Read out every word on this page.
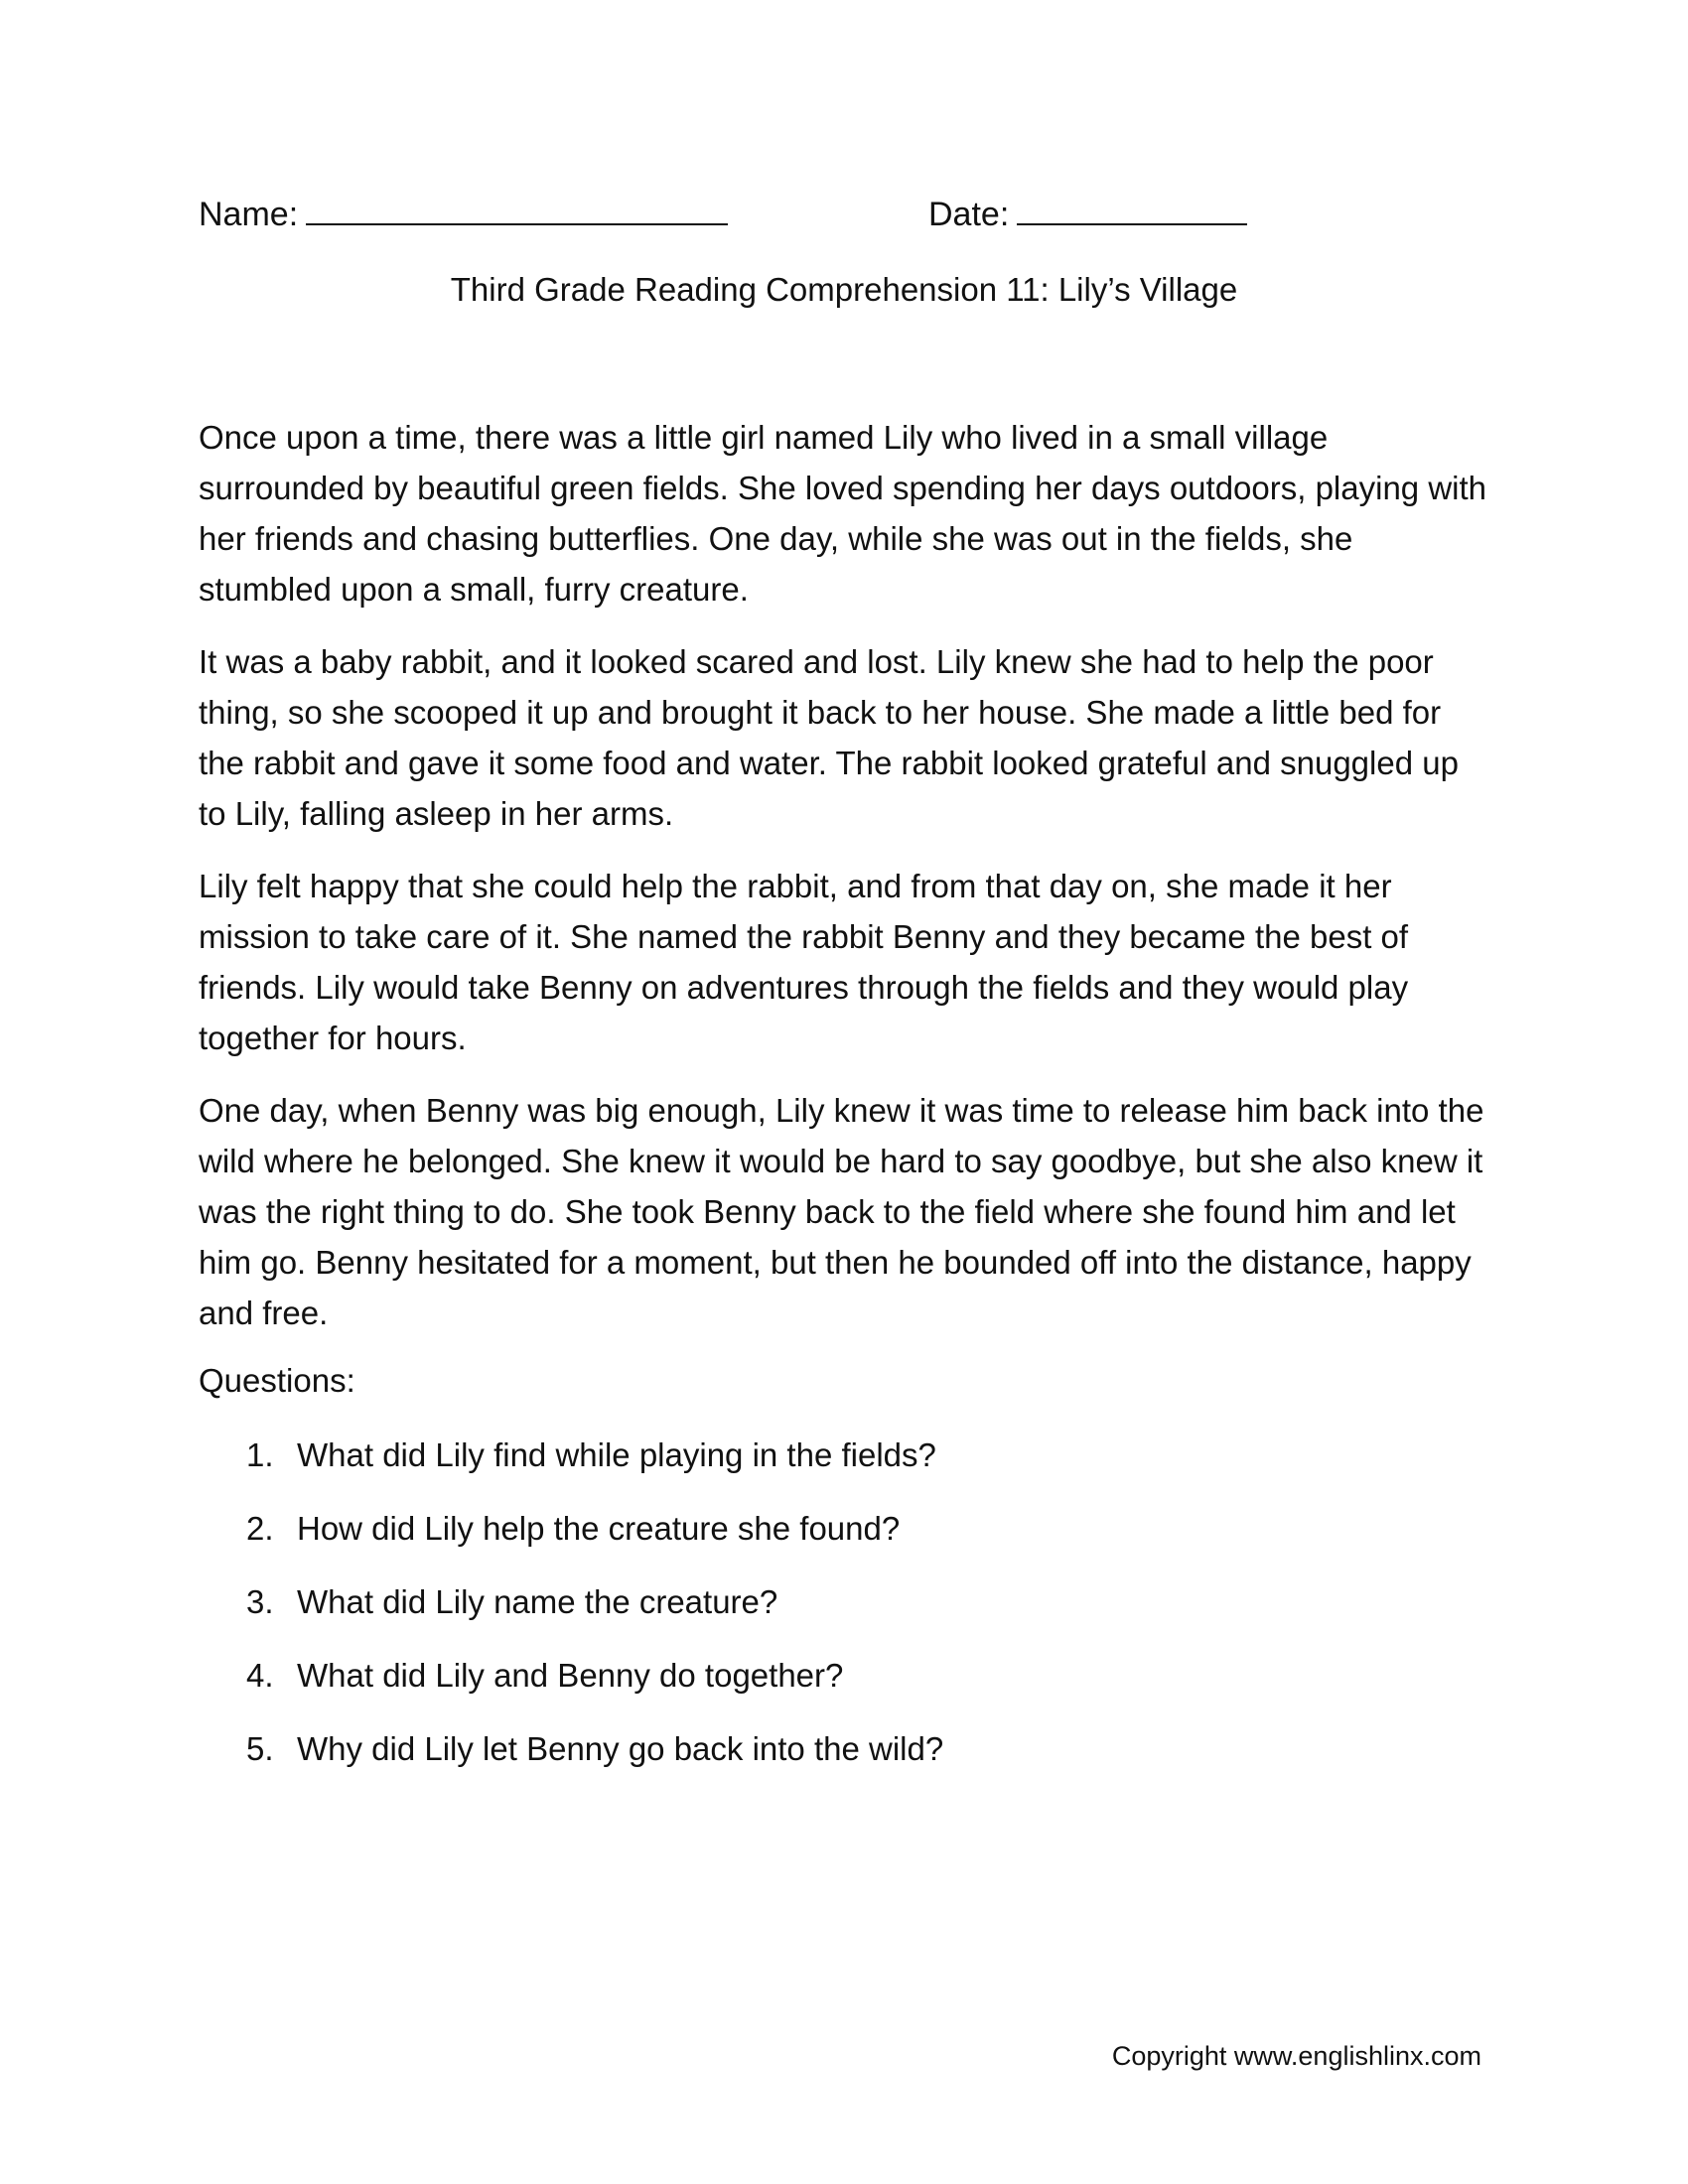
Name:	Date:
Third Grade Reading Comprehension 11: Lily’s Village

Once upon a time, there was a little girl named Lily who lived in a small village surrounded by beautiful green fields. She loved spending her days outdoors, playing with her friends and chasing butterflies. One day, while she was out in the fields, she stumbled upon a small, furry creature.

It was a baby rabbit, and it looked scared and lost. Lily knew she had to help the poor thing, so she scooped it up and brought it back to her house. She made a little bed for the rabbit and gave it some food and water. The rabbit looked grateful and snuggled up to Lily, falling asleep in her arms.

Lily felt happy that she could help the rabbit, and from that day on, she made it her mission to take care of it. She named the rabbit Benny and they became the best of friends. Lily would take Benny on adventures through the fields and they would play together for hours.

One day, when Benny was big enough, Lily knew it was time to release him back into the wild where he belonged. She knew it would be hard to say goodbye, but she also knew it was the right thing to do. She took Benny back to the field where she found him and let him go. Benny hesitated for a moment, but then he bounded off into the distance, happy and free.

Questions:
1. What did Lily find while playing in the fields?
2. How did Lily help the creature she found?
3. What did Lily name the creature?
4. What did Lily and Benny do together?
5. Why did Lily let Benny go back into the wild?
Copyright www.englishlinx.com
